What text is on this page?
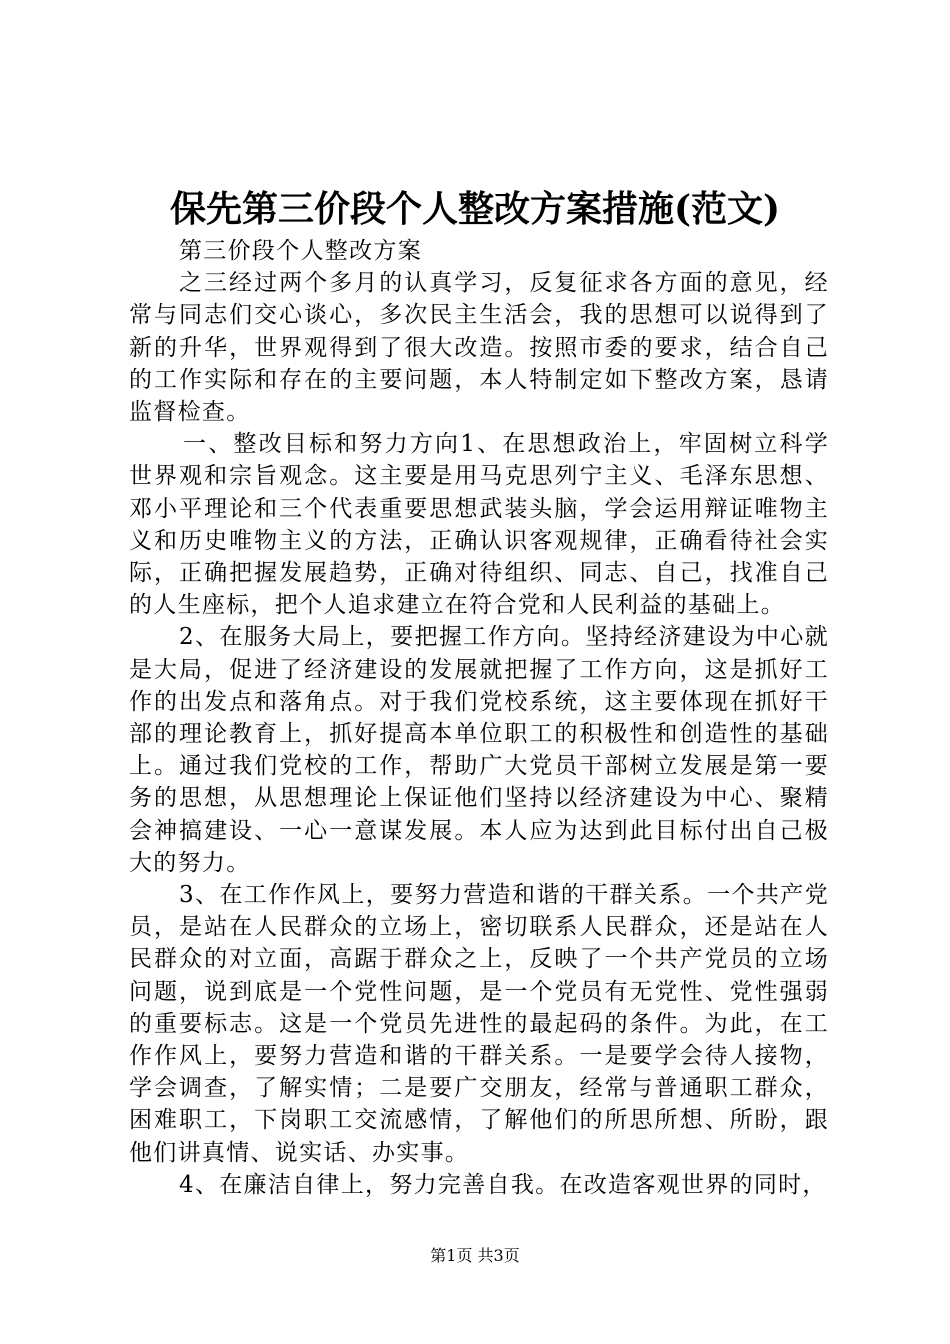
保先第三价段个人整改方案措施(范文)

第三价段个人整改方案

之三经过两个多月的认真学习，反复征求各方面的意见，经常与同志们交心谈心，多次民主生活会，我的思想可以说得到了新的升华，世界观得到了很大改造。按照市委的要求，结合自己的工作实际和存在的主要问题，本人特制定如下整改方案，恳请监督检查。

一、整改目标和努力方向1、在思想政治上，牢固树立科学世界观和宗旨观念。这主要是用马克思列宁主义、毛泽东思想、邓小平理论和三个代表重要思想武装头脑，学会运用辩证唯物主义和历史唯物主义的方法，正确认识客观规律，正确看待社会实际，正确把握发展趋势，正确对待组织、同志、自己，找准自己的人生座标，把个人追求建立在符合党和人民利益的基础上。

2、在服务大局上，要把握工作方向。坚持经济建设为中心就是大局，促进了经济建设的发展就把握了工作方向，这是抓好工作的出发点和落角点。对于我们党校系统，这主要体现在抓好干部的理论教育上，抓好提高本单位职工的积极性和创造性的基础上。通过我们党校的工作，帮助广大党员干部树立发展是第一要务的思想，从思想理论上保证他们坚持以经济建设为中心、聚精会神搞建设、一心一意谋发展。本人应为达到此目标付出自己极大的努力。

3、在工作作风上，要努力营造和谐的干群关系。一个共产党员，是站在人民群众的立场上，密切联系人民群众，还是站在人民群众的对立面，高踞于群众之上，反映了一个共产党员的立场问题，说到底是一个党性问题，是一个党员有无党性、党性强弱的重要标志。这是一个党员先进性的最起码的条件。为此，在工作作风上，要努力营造和谐的干群关系。一是要学会待人接物，学会调查，了解实情；二是要广交朋友，经常与普通职工群众，困难职工，下岗职工交流感情，了解他们的所思所想、所盼，跟他们讲真情、说实话、办实事。

4、在廉洁自律上，努力完善自我。在改造客观世界的同时，

第1页 共3页
